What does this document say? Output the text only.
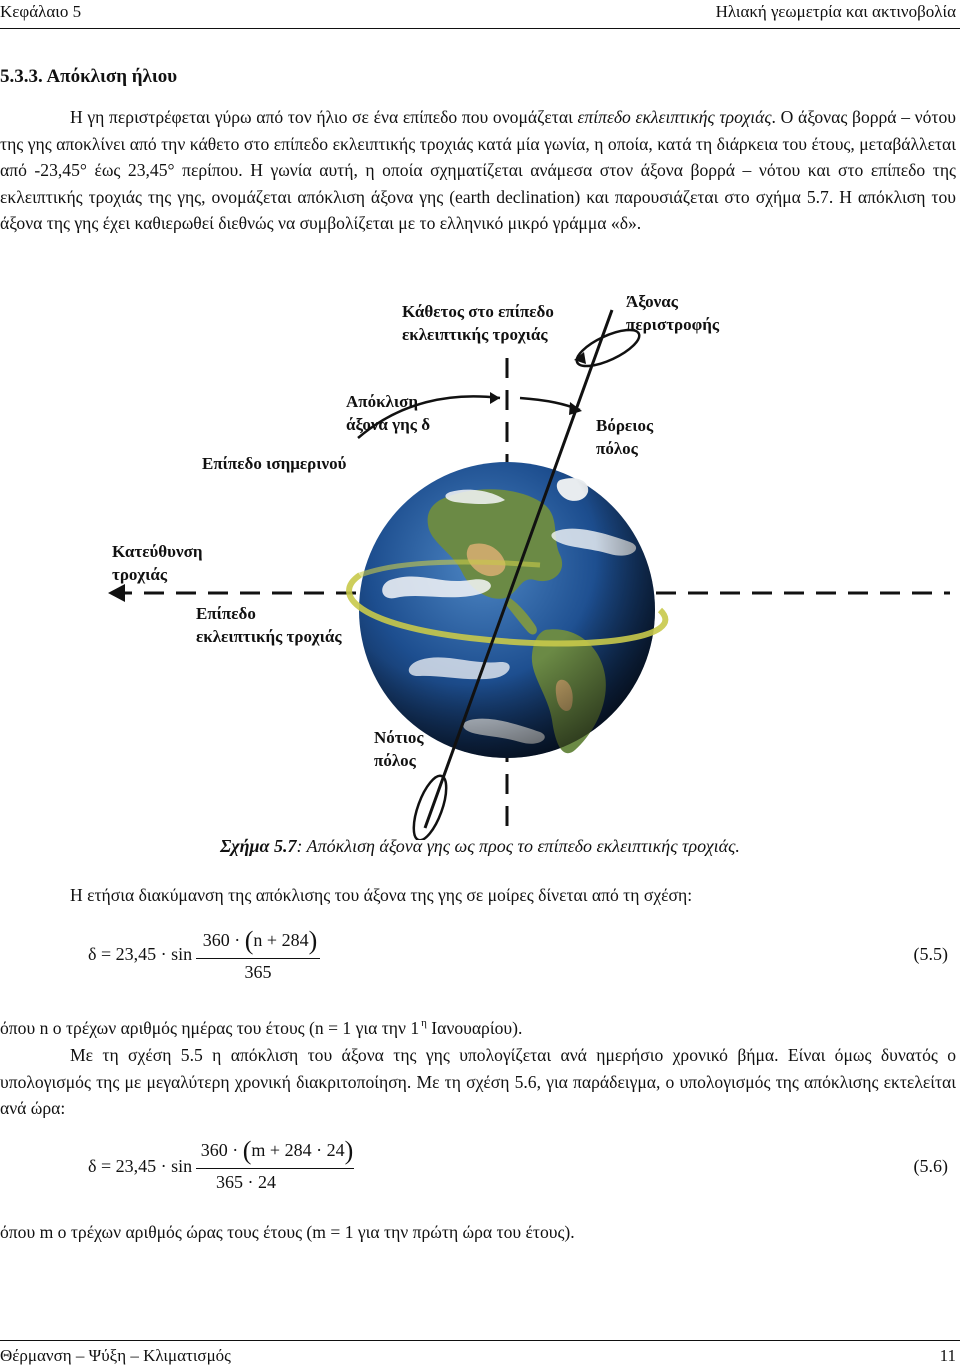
Κεφάλαιο 5	Ηλιακή γεωμετρία και ακτινοβολία
5.3.3. Απόκλιση ήλιου
Η γη περιστρέφεται γύρω από τον ήλιο σε ένα επίπεδο που ονομάζεται επίπεδο εκλειπτικής τροχιάς. Ο άξονας βορρά – νότου της γης αποκλίνει από την κάθετο στο επίπεδο εκλειπτικής τροχιάς κατά μία γωνία, η οποία, κατά τη διάρκεια του έτους, μεταβάλλεται από -23,45° έως 23,45° περίπου. Η γωνία αυτή, η οποία σχηματίζεται ανάμεσα στον άξονα βορρά – νότου και στο επίπεδο της εκλειπτικής τροχιάς της γης, ονομάζεται απόκλιση άξονα γης (earth declination) και παρουσιάζεται στο σχήμα 5.7. Η απόκλιση του άξονα της γης έχει καθιερωθεί διεθνώς να συμβολίζεται με το ελληνικό μικρό γράμμα «δ».
Κάθετος στο επίπεδο
εκλειπτικής τροχιάς
Άξονας
περιστροφής
Απόκλιση
άξονα γης δ	Βόρειος
πόλος
Επίπεδο ισημερινού
Κατεύθυνση
τροχιάς
Επίπεδο
εκλειπτικής τροχιάς
Νότιος
πόλος
Σχήμα 5.7: Απόκλιση άξονα γης ως προς το επίπεδο εκλειπτικής τροχιάς.
Η ετήσια διακύμανση της απόκλισης του άξονα της γης σε μοίρες δίνεται από τη σχέση:
δ = 23,45 · sin
360 · (n + 284)
365
(5.5)
όπου n ο τρέχων αριθμός ημέρας του έτους (n = 1 για την 1 $^\eta$ Ιανουαρίου).
Με τη σχέση 5.5 η απόκλιση του άξονα της γης υπολογίζεται ανά ημερήσιο χρονικό βήμα. Είναι όμως δυνατός ο υπολογισμός της με μεγαλύτερη χρονική διακριτοποίηση. Με τη σχέση 5.6, για παράδειγμα, ο υπολογισμός της απόκλισης εκτελείται ανά ώρα:
δ = 23,45 · sin
360 · (m + 284 · 24)
365 · 24
(5.6)
όπου m ο τρέχων αριθμός ώρας τους έτους (m = 1 για την πρώτη ώρα του έτους).
Θέρμανση – Ψύξη – Κλιματισμός	11
